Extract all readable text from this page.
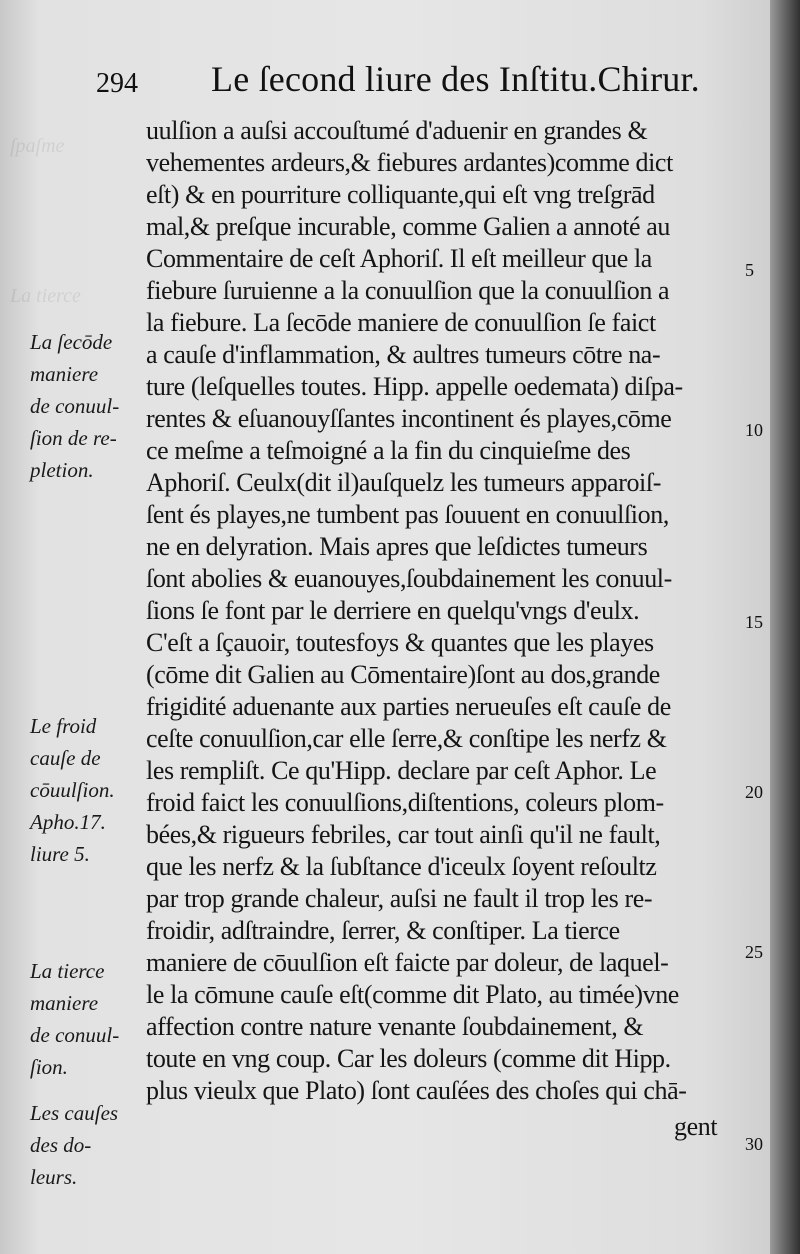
ſpaſme
La tierce
294 Le ſecond liure des Inſtitu.Chirur.
uulſion a auſsi accouſtumé d'aduenir en grandes &
vehementes ardeurs,& fiebures ardantes)comme dict
eſt) & en pourriture colliquante,qui eſt vng treſgrād
mal,& preſque incurable, comme Galien a annoté au
Commentaire de ceſt Aphoriſ. Il eſt meilleur que la
fiebure ſuruienne a la conuulſion que la conuulſion a
la fiebure. La ſecōde maniere de conuulſion ſe faict
a cauſe d'inflammation, & aultres tumeurs cōtre na-
ture (leſquelles toutes. Hipp. appelle oedemata) diſpa-
rentes & eſuanouyſſantes incontinent és playes,cōme
ce meſme a teſmoigné a la fin du cinquieſme des
Aphoriſ. Ceulx(dit il)auſquelz les tumeurs apparoiſ-
ſent és playes,ne tumbent pas ſouuent en conuulſion,
ne en delyration. Mais apres que leſdictes tumeurs
ſont abolies & euanouyes,ſoubdainement les conuul-
ſions ſe font par le derriere en quelqu'vngs d'eulx.
C'eſt a ſçauoir, toutesfoys & quantes que les playes
(cōme dit Galien au Cōmentaire)ſont au dos,grande
frigidité aduenante aux parties nerueuſes eſt cauſe de
ceſte conuulſion,car elle ſerre,& conſtipe les nerfz &
les rempliſt. Ce qu'Hipp. declare par ceſt Aphor. Le
froid faict les conuulſions,diſtentions, coleurs plom-
bées,& rigueurs febriles, car tout ainſi qu'il ne fault,
que les nerfz & la ſubſtance d'iceulx ſoyent reſoultz
par trop grande chaleur, auſsi ne fault il trop les re-
froidir, adſtraindre, ſerrer, & conſtiper. La tierce
maniere de cōuulſion eſt faicte par doleur, de laquel-
le la cōmune cauſe eſt(comme dit Plato, au timée)vne
affection contre nature venante ſoubdainement, &
toute en vng coup. Car les doleurs (comme dit Hipp.
plus vieulx que Plato) ſont cauſées des choſes qui chā-
gent
La ſecōde
maniere
de conuul-
ſion de re-
pletion.
Le froid
cauſe de
cōuulſion.
Apho.17.
liure 5.
La tierce
maniere
de conuul-
ſion.
Les cauſes
des do-
leurs.
5
10
15
20
25
30
